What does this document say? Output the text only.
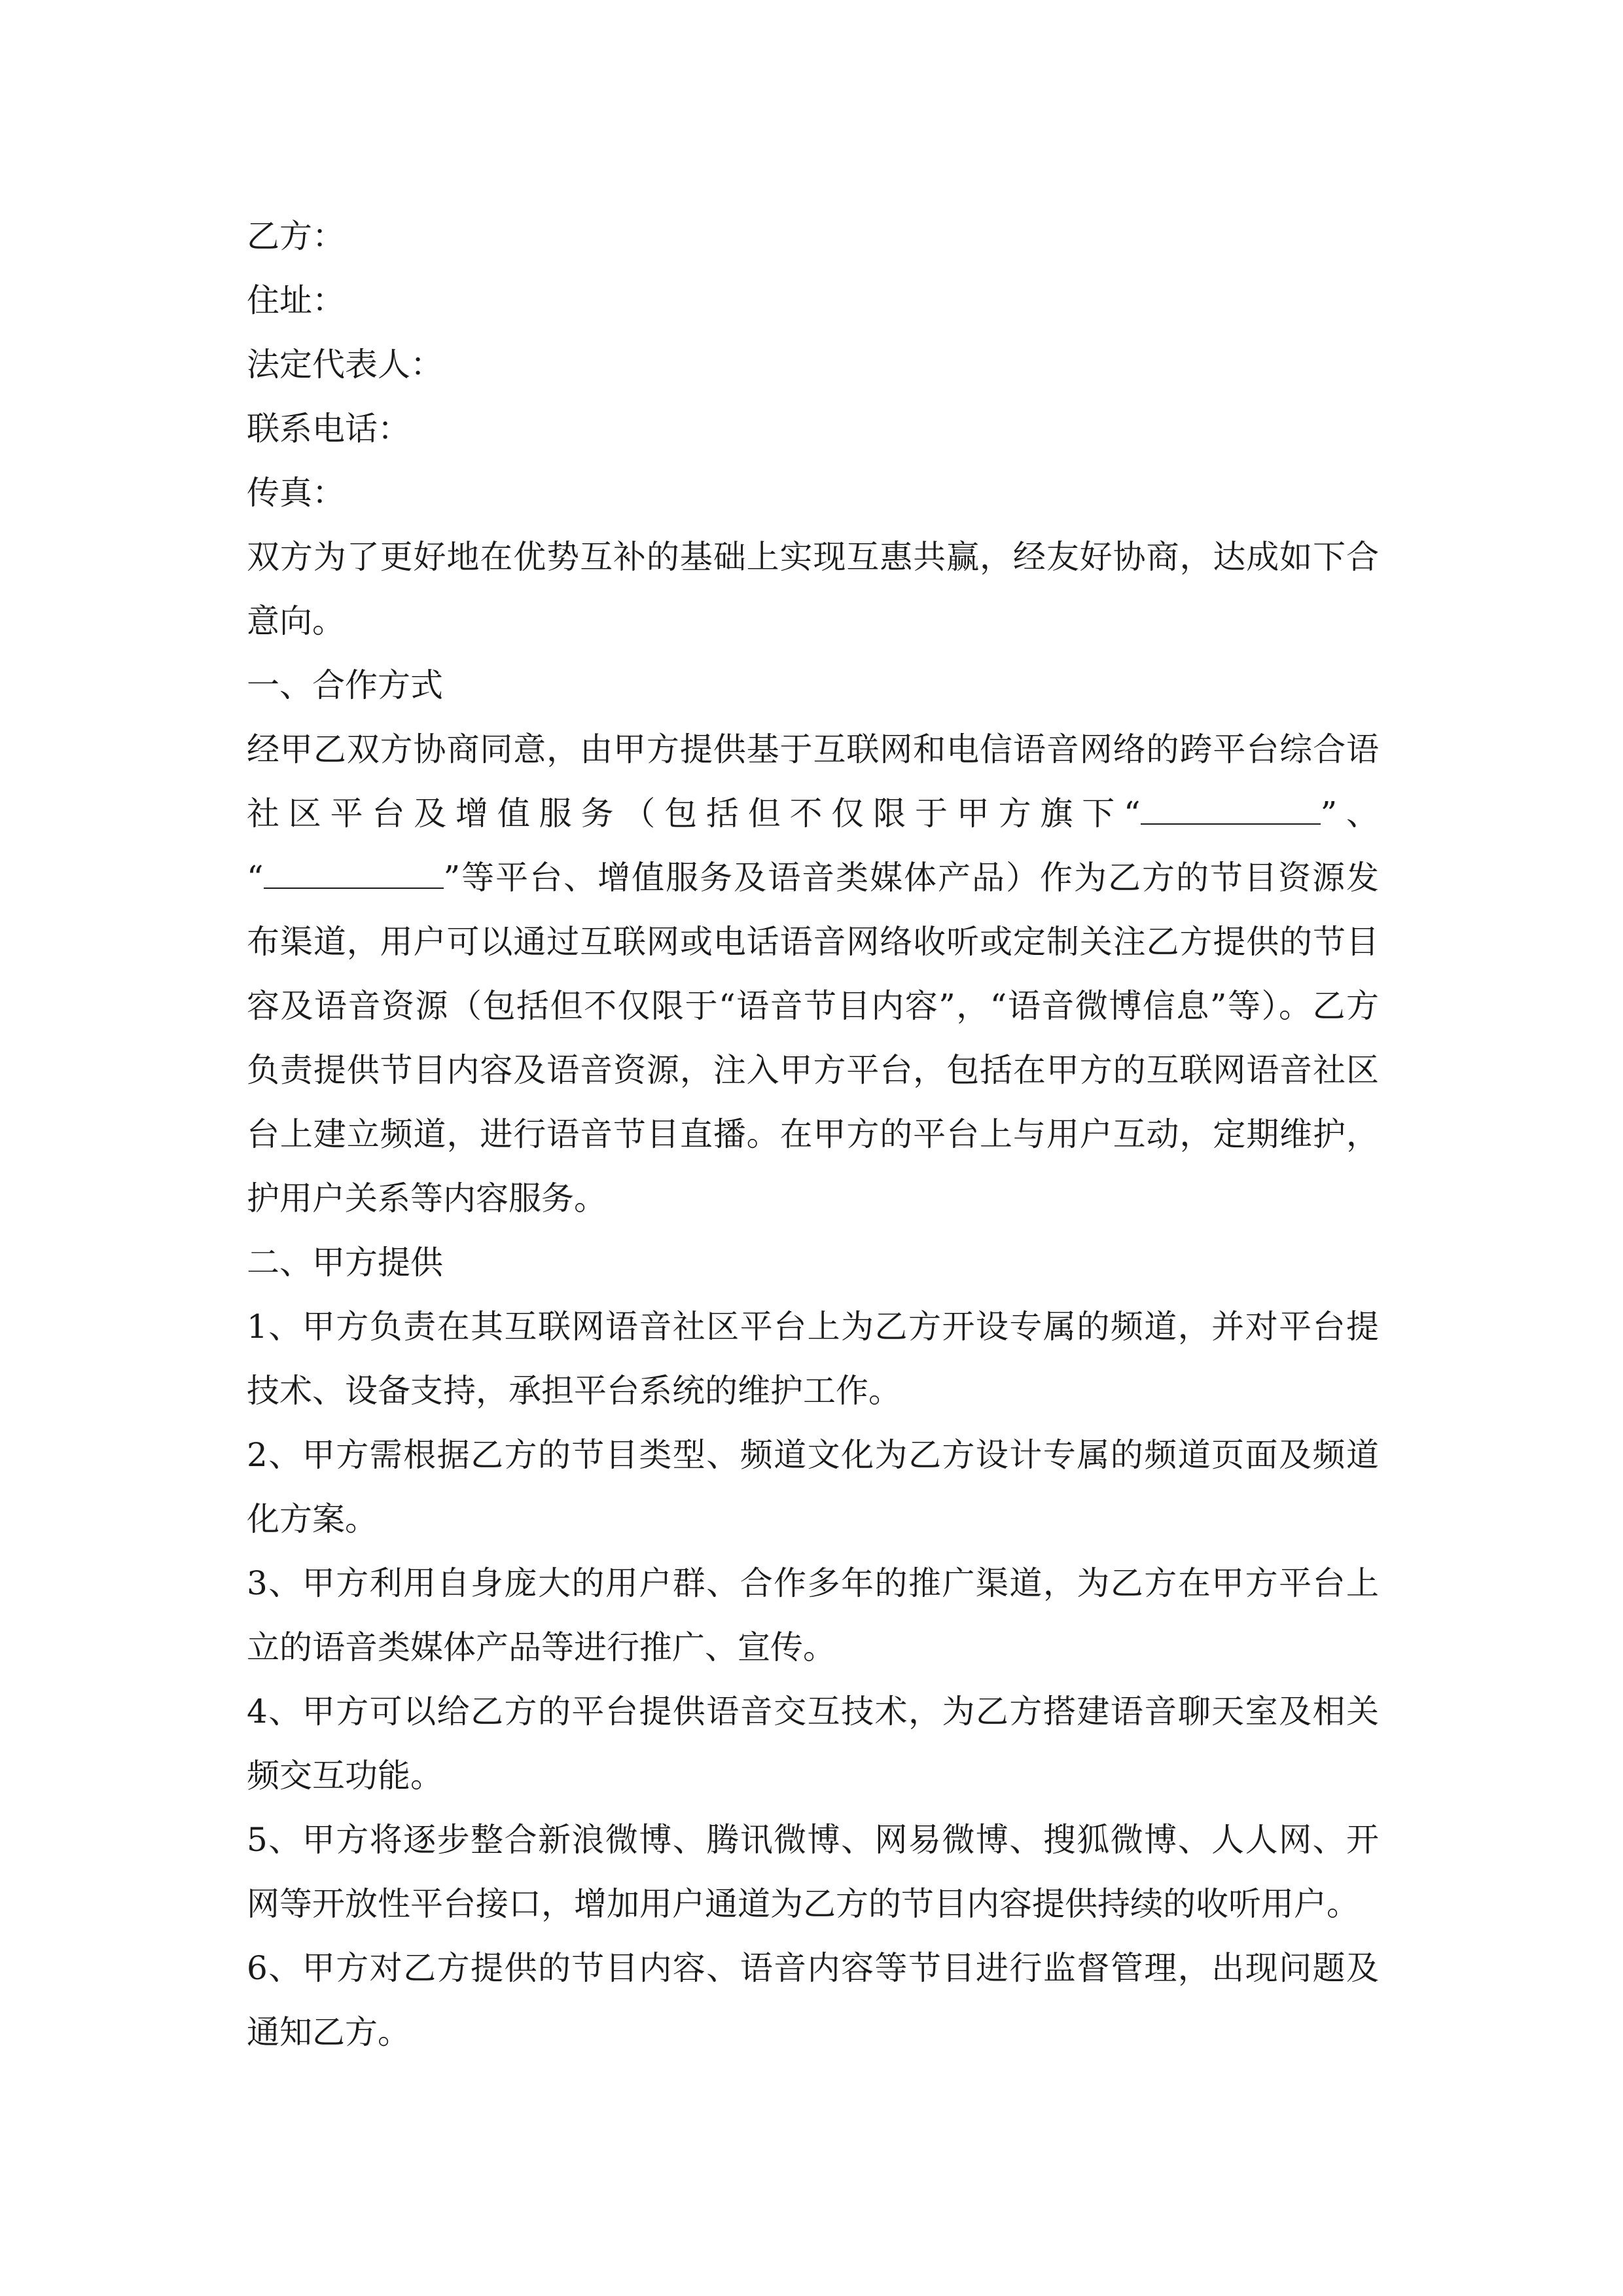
乙方：

住址：

法定代表人：

联系电话：

传真：

双方为了更好地在优势互补的基础上实现互惠共赢，经友好协商，达成如下合

意向。

一、合作方式

经甲乙双方协商同意，由甲方提供基于互联网和电信语音网络的跨平台综合语

社区平台及增值服务（包括但不仅限于甲方旗下“	”、

“	”等平台、增值服务及语音类媒体产品）作为乙方的节目资源发

布渠道，用户可以通过互联网或电话语音网络收听或定制关注乙方提供的节目

容及语音资源（包括但不仅限于“语音节目内容”，“语音微博信息”等）。乙方

负责提供节目内容及语音资源，注入甲方平台，包括在甲方的互联网语音社区

台上建立频道，进行语音节目直播。在甲方的平台上与用户互动，定期维护，

护用户关系等内容服务。

二、甲方提供

1、甲方负责在其互联网语音社区平台上为乙方开设专属的频道，并对平台提

技术、设备支持，承担平台系统的维护工作。

2、甲方需根据乙方的节目类型、频道文化为乙方设计专属的频道页面及频道

化方案。

3、甲方利用自身庞大的用户群、合作多年的推广渠道，为乙方在甲方平台上

立的语音类媒体产品等进行推广、宣传。

4、甲方可以给乙方的平台提供语音交互技术，为乙方搭建语音聊天室及相关

频交互功能。

5、甲方将逐步整合新浪微博、腾讯微博、网易微博、搜狐微博、人人网、开

网等开放性平台接口，增加用户通道为乙方的节目内容提供持续的收听用户。

6、甲方对乙方提供的节目内容、语音内容等节目进行监督管理，出现问题及

通知乙方。
